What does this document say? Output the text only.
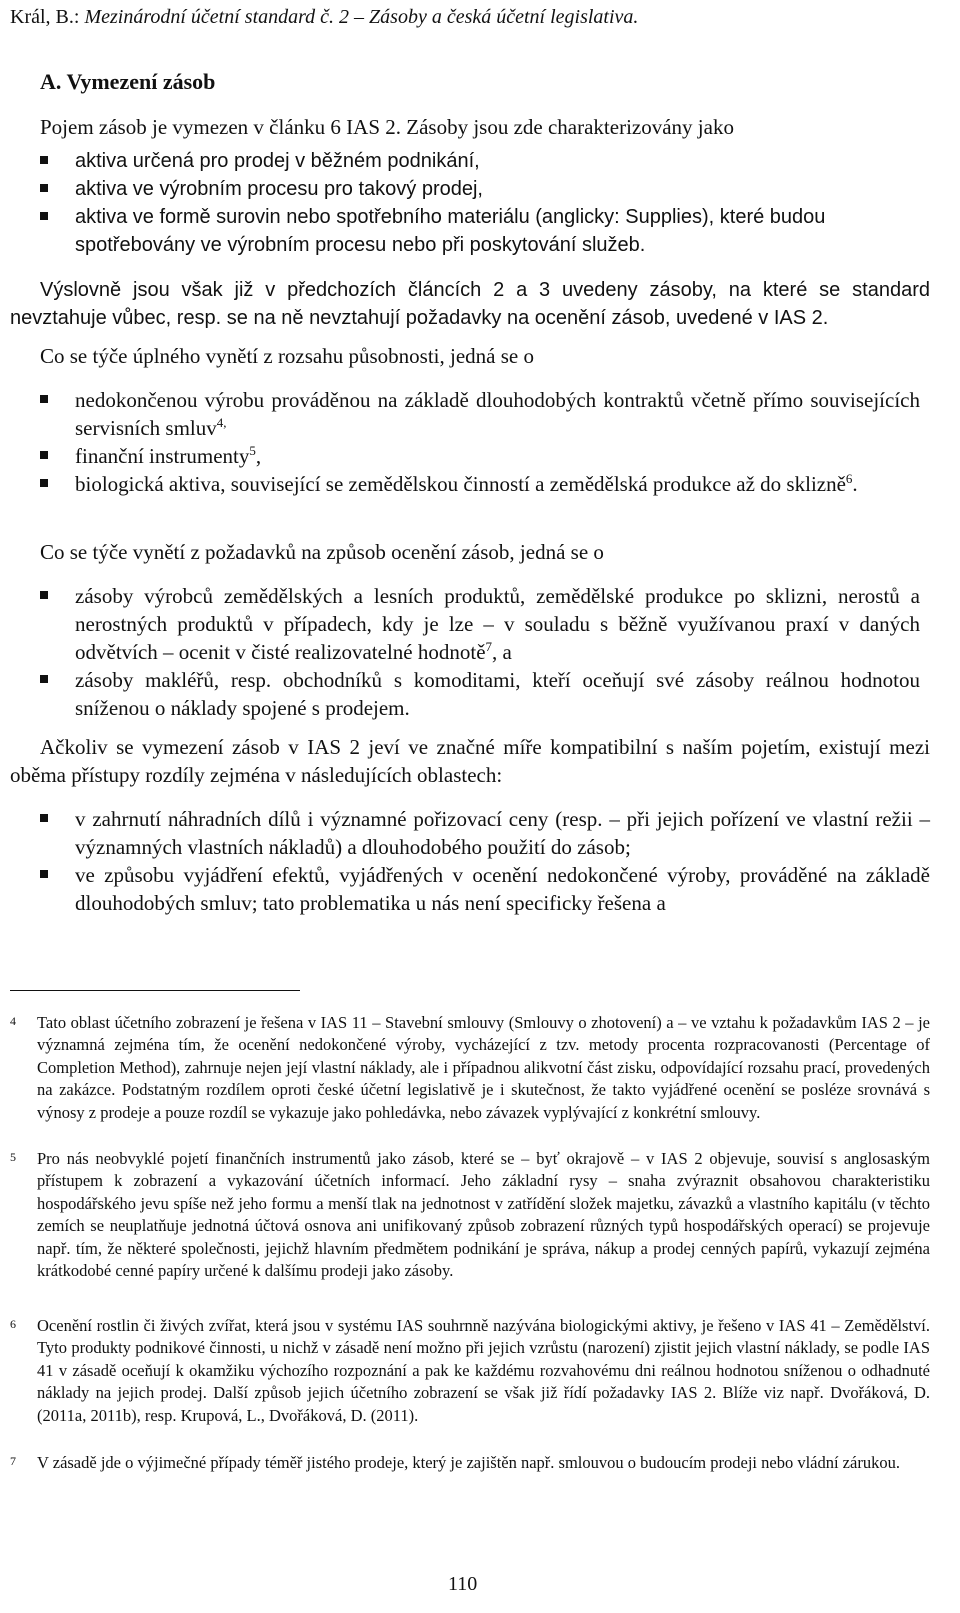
Král, B.: Mezinárodní účetní standard č. 2 – Zásoby a česká účetní legislativa.
A. Vymezení zásob

Pojem zásob je vymezen v článku 6 IAS 2. Zásoby jsou zde charakterizovány jako

aktiva určená pro prodej v běžném podnikání,

aktiva ve výrobním procesu pro takový prodej,

aktiva ve formě surovin nebo spotřebního materiálu (anglicky: Supplies), které budou spotřebovány ve výrobním procesu nebo při poskytování služeb.

Výslovně jsou však již v předchozích článcích 2 a 3 uvedeny zásoby, na které se standard nevztahuje vůbec, resp. se na ně nevztahují požadavky na ocenění zásob, uvedené v IAS 2.

Co se týče úplného vynětí z rozsahu působnosti, jedná se o

nedokončenou výrobu prováděnou na základě dlouhodobých kontraktů včetně přímo souvisejících servisních smluv$^{4,}$

finanční instrumenty$^5$,

biologická aktiva, související se zemědělskou činností a zemědělská produkce až do sklizně$^6$.

Co se týče vynětí z požadavků na způsob ocenění zásob, jedná se o

zásoby výrobců zemědělských a lesních produktů, zemědělské produkce po sklizni, nerostů a nerostných produktů v případech, kdy je lze – v souladu s běžně využívanou praxí v daných odvětvích – ocenit v čisté realizovatelné hodnotě$^7$, a

zásoby makléřů, resp. obchodníků s komoditami, kteří oceňují své zásoby reálnou hodnotou sníženou o náklady spojené s prodejem.

Ačkoliv se vymezení zásob v IAS 2 jeví ve značné míře kompatibilní s naším pojetím, existují mezi oběma přístupy rozdíly zejména v následujících oblastech:

v zahrnutí náhradních dílů i významné pořizovací ceny (resp. – při jejich pořízení ve vlastní režii – významných vlastních nákladů) a dlouhodobého použití do zásob;

ve způsobu vyjádření efektů, vyjádřených v ocenění nedokončené výroby, prováděné na základě dlouhodobých smluv; tato problematika u nás není specificky řešena a

4 Tato oblast účetního zobrazení je řešena v IAS 11 – Stavební smlouvy (Smlouvy o zhotovení) a – ve vztahu k požadavkům IAS 2 – je významná zejména tím, že ocenění nedokončené výroby, vycházející z tzv. metody procenta rozpracovanosti (Percentage of Completion Method), zahrnuje nejen její vlastní náklady, ale i případnou alikvotní část zisku, odpovídající rozsahu prací, provedených na zakázce. Podstatným rozdílem oproti české účetní legislativě je i skutečnost, že takto vyjádřené ocenění se posléze srovnává s výnosy z prodeje a pouze rozdíl se vykazuje jako pohledávka, nebo závazek vyplývající z konkrétní smlouvy.
5 Pro nás neobvyklé pojetí finančních instrumentů jako zásob, které se – byť okrajově – v IAS 2 objevuje, souvisí s anglosaským přístupem k zobrazení a vykazování účetních informací. Jeho základní rysy – snaha zvýraznit obsahovou charakteristiku hospodářského jevu spíše než jeho formu a menší tlak na jednotnost v zatřídění složek majetku, závazků a vlastního kapitálu (v těchto zemích se neuplatňuje jednotná účtová osnova ani unifikovaný způsob zobrazení různých typů hospodářských operací) se projevuje např. tím, že některé společnosti, jejichž hlavním předmětem podnikání je správa, nákup a prodej cenných papírů, vykazují zejména krátkodobé cenné papíry určené k dalšímu prodeji jako zásoby.
6 Ocenění rostlin či živých zvířat, která jsou v systému IAS souhrnně nazývána biologickými aktivy, je řešeno v IAS 41 – Zemědělství. Tyto produkty podnikové činnosti, u nichž v zásadě není možno při jejich vzrůstu (narození) zjistit jejich vlastní náklady, se podle IAS 41 v zásadě oceňují k okamžiku výchozího rozpoznání a pak ke každému rozvahovému dni reálnou hodnotou sníženou o odhadnuté náklady na jejich prodej. Další způsob jejich účetního zobrazení se však již řídí požadavky IAS 2. Blíže viz např. Dvořáková, D. (2011a, 2011b), resp. Krupová, L., Dvořáková, D. (2011).
7 V zásadě jde o výjimečné případy téměř jistého prodeje, který je zajištěn např. smlouvou o budoucím prodeji nebo vládní zárukou.
110
